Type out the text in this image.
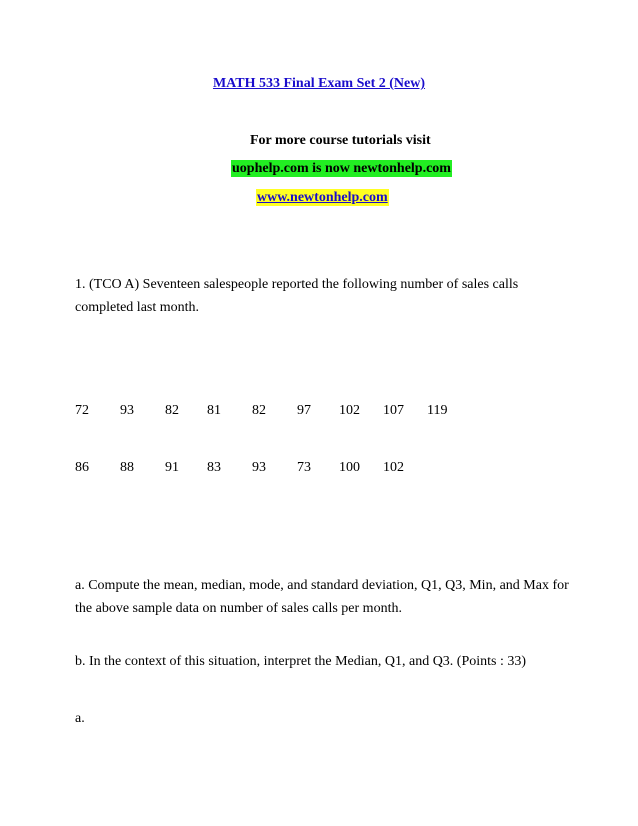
MATH 533 Final Exam Set 2 (New)
For more course tutorials visit
uophelp.com is now newtonhelp.com
www.newtonhelp.com
1. (TCO A) Seventeen salespeople reported the following number of sales calls completed last month.
72 93 82 81 82 97 102 107 119
86 88 91 83 93 73 100 102
a. Compute the mean, median, mode, and standard deviation, Q1, Q3, Min, and Max for the above sample data on number of sales calls per month.
b. In the context of this situation, interpret the Median, Q1, and Q3. (Points : 33)
a.
